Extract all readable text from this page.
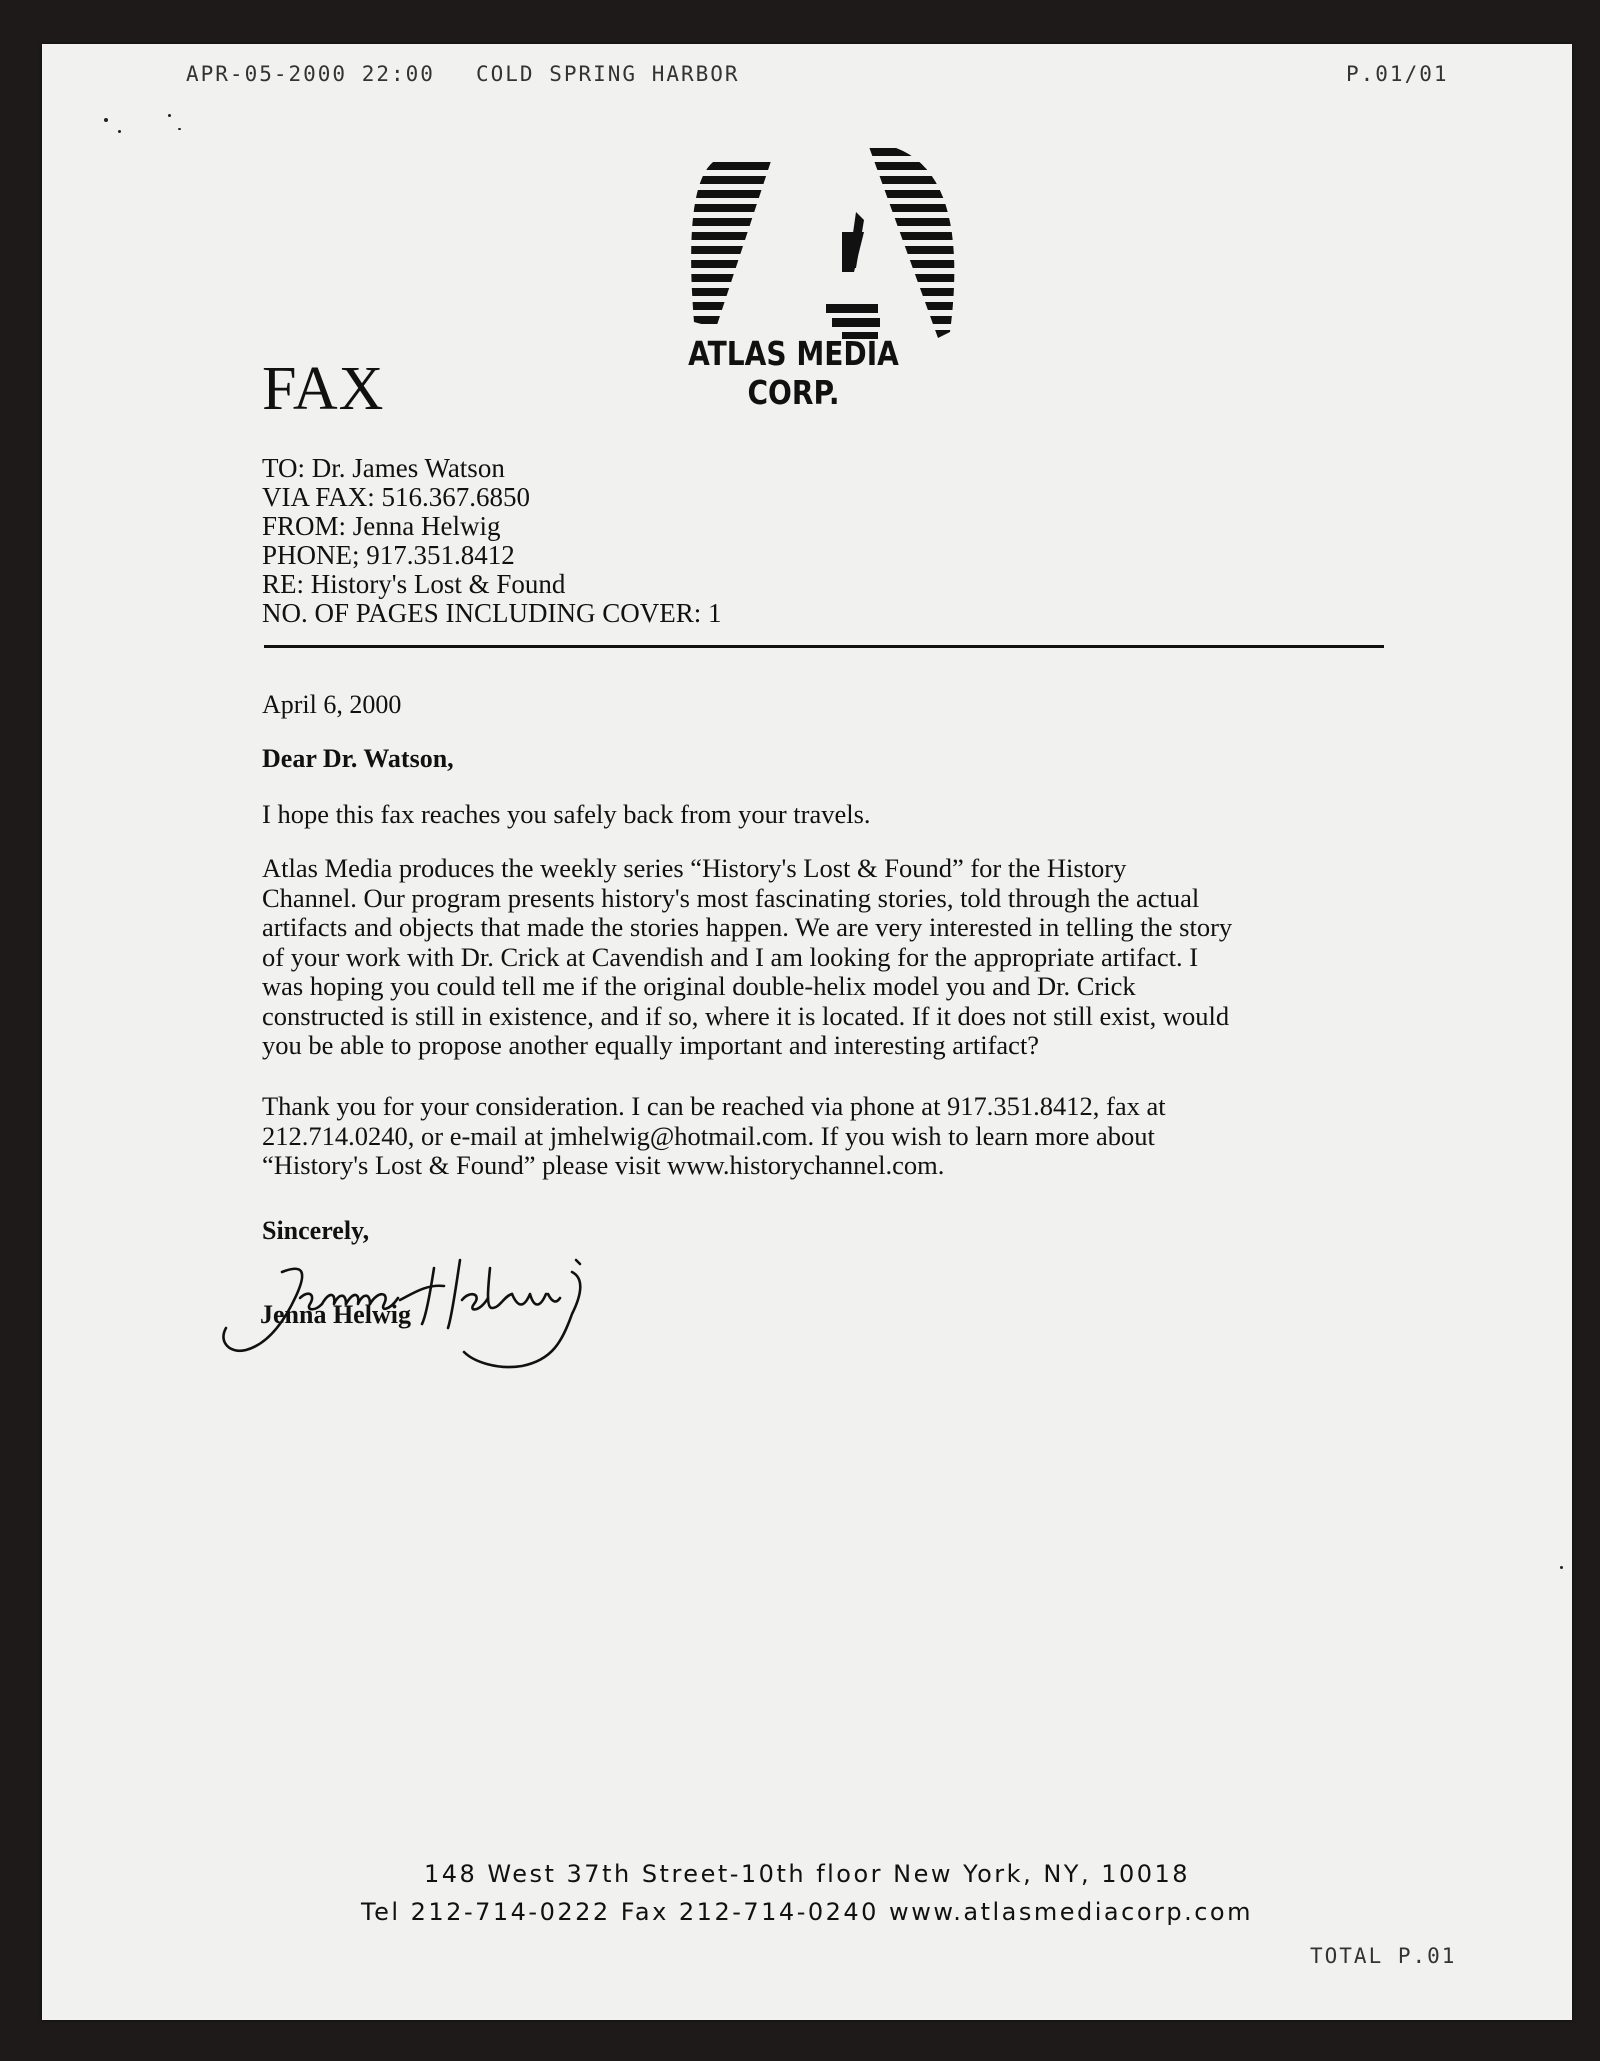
APR-05-2000 22:00 COLD SPRING HARBOR	P.01/01
ATLAS MEDIA CORP.
FAX
TO: Dr. James Watson
VIA FAX: 516.367.6850
FROM: Jenna Helwig
PHONE; 917.351.8412
RE: History's Lost & Found
NO. OF PAGES INCLUDING COVER: 1
April 6, 2000
Dear Dr. Watson,

I hope this fax reaches you safely back from your travels.

Atlas Media produces the weekly series “History's Lost & Found” for the History
Channel. Our program presents history's most fascinating stories, told through the actual
artifacts and objects that made the stories happen. We are very interested in telling the story
of your work with Dr. Crick at Cavendish and I am looking for the appropriate artifact. I
was hoping you could tell me if the original double-helix model you and Dr. Crick
constructed is still in existence, and if so, where it is located. If it does not still exist, would
you be able to propose another equally important and interesting artifact?

Thank you for your consideration. I can be reached via phone at 917.351.8412, fax at
212.714.0240, or e-mail at jmhelwig@hotmail.com. If you wish to learn more about
“History's Lost & Found” please visit www.historychannel.com.

Sincerely,
Jenna Helwig
148 West 37th Street-10th floor New York, NY, 10018
Tel 212-714-0222 Fax 212-714-0240 www.atlasmediacorp.com
TOTAL P.01
